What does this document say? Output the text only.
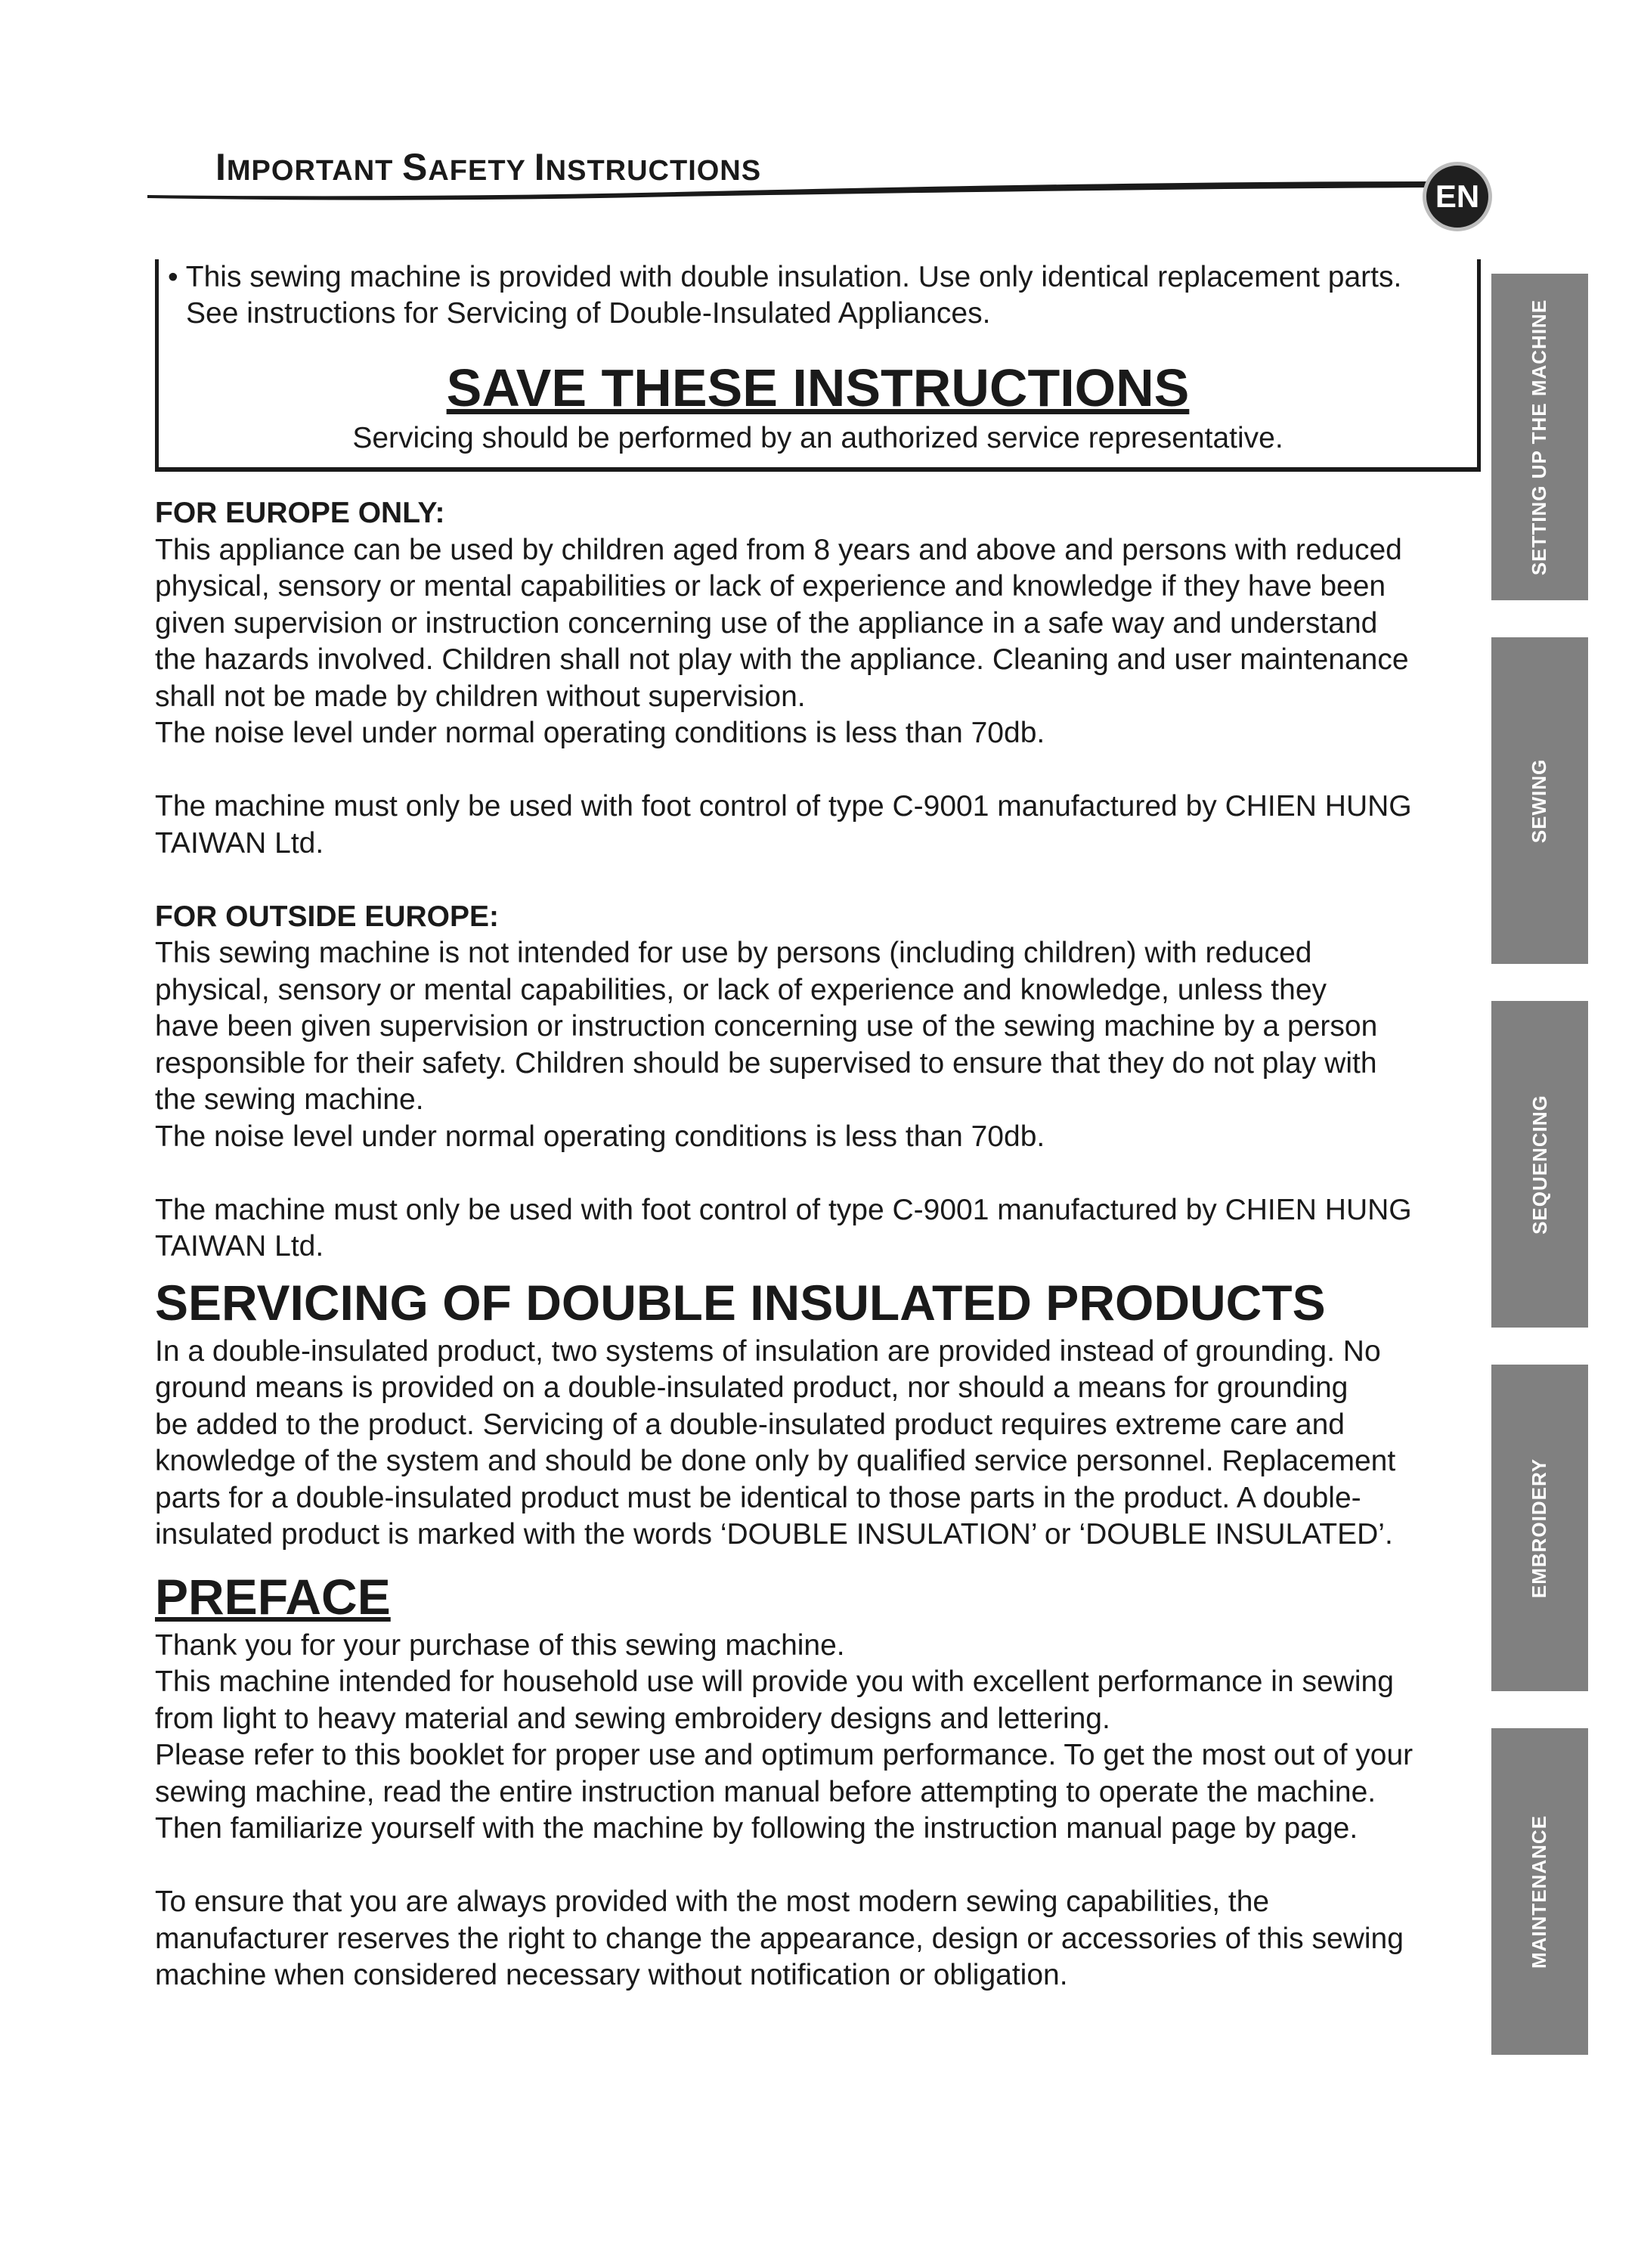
IMPORTANT SAFETY INSTRUCTIONS
EN
• This sewing machine is provided with double insulation. Use only identical replacement parts.
See instructions for Servicing of Double-Insulated Appliances.
SAVE THESE INSTRUCTIONS
Servicing should be performed by an authorized service representative.
FOR EUROPE ONLY:
This appliance can be used by children aged from 8 years and above and persons with reduced
physical, sensory or mental capabilities or lack of experience and knowledge if they have been
given supervision or instruction concerning use of the appliance in a safe way and understand
the hazards involved. Children shall not play with the appliance. Cleaning and user maintenance
shall not be made by children without supervision.
The noise level under normal operating conditions is less than 70db.
The machine must only be used with foot control of type C-9001 manufactured by CHIEN HUNG
TAIWAN Ltd.
FOR OUTSIDE EUROPE:
This sewing machine is not intended for use by persons (including children) with reduced
physical, sensory or mental capabilities, or lack of experience and knowledge, unless they
have been given supervision or instruction concerning use of the sewing machine by a person
responsible for their safety. Children should be supervised to ensure that they do not play with
the sewing machine.
The noise level under normal operating conditions is less than 70db.
The machine must only be used with foot control of type C-9001 manufactured by CHIEN HUNG
TAIWAN Ltd.
SERVICING OF DOUBLE INSULATED PRODUCTS
In a double-insulated product, two systems of insulation are provided instead of grounding. No
ground means is provided on a double-insulated product, nor should a means for grounding
be added to the product. Servicing of a double-insulated product requires extreme care and
knowledge of the system and should be done only by qualified service personnel. Replacement
parts for a double-insulated product must be identical to those parts in the product. A double-
insulated product is marked with the words ‘DOUBLE INSULATION’ or ‘DOUBLE INSULATED’.
PREFACE
Thank you for your purchase of this sewing machine.
This machine intended for household use will provide you with excellent performance in sewing
from light to heavy material and sewing embroidery designs and lettering.
Please refer to this booklet for proper use and optimum performance. To get the most out of your
sewing machine, read the entire instruction manual before attempting to operate the machine.
Then familiarize yourself with the machine by following the instruction manual page by page.
To ensure that you are always provided with the most modern sewing capabilities, the
manufacturer reserves the right to change the appearance, design or accessories of this sewing
machine when considered necessary without notification or obligation.
SETTING UP THE MACHINE
SEWING
SEQUENCING
EMBROIDERY
MAINTENANCE
